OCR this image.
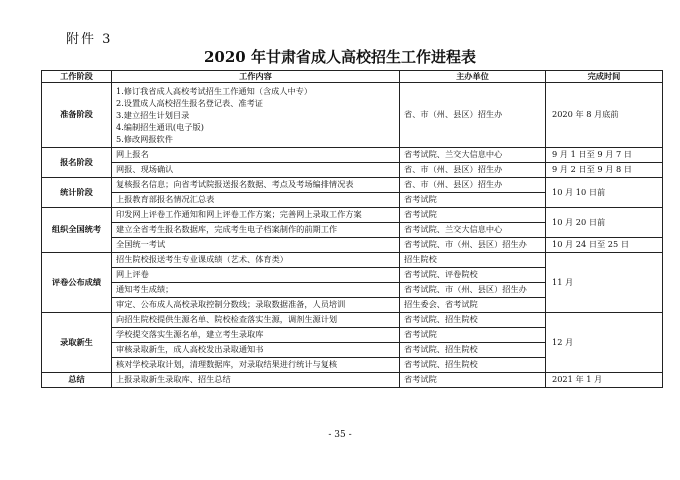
附件 3
2020 年甘肃省成人高校招生工作进程表
工作阶段	工作内容	主办单位	完成时间
准备阶段	1.修订我省成人高校考试招生工作通知（含成人中专）
2.设置成人高校招生报名登记表、准考证
3.建立招生计划目录
4.编制招生通讯(电子版)
5.修改网报软件	省、市（州、县区）招生办	2020 年 8 月底前
报名阶段	网上报名	省考试院、兰交大信息中心	9 月 1 日至 9 月 7 日
	网报、现场确认	省、市（州、县区）招生办	9 月 2 日至 9 月 8 日
统计阶段	复核报名信息；向省考试院报送报名数据、考点及考场编排情况表	省、市（州、县区）招生办	10 月 10 日前
	上报教育部报名情况汇总表	省考试院	
组织全国统考	印发网上评卷工作通知和网上评卷工作方案；完善网上录取工作方案	省考试院	10 月 20 日前
	建立全省考生报名数据库，完成考生电子档案制作的前期工作	省考试院、兰交大信息中心	
	全国统一考试	省考试院、市（州、县区）招生办	10 月 24 日至 25 日
评卷公布成绩	招生院校报送考生专业课成绩（艺术、体育类）	招生院校	11 月
	网上评卷	省考试院、评卷院校	
	通知考生成绩；	省考试院、市（州、县区）招生办	
	审定、公布成人高校录取控制分数线；录取数据准备，人员培训	招生委会、省考试院	
录取新生	向招生院校提供生源名单、院校检查落实生源，调剂生源计划	省考试院、招生院校	12 月
	学校提交落实生源名单，建立考生录取库	省考试院	
	审核录取新生，成人高校发出录取通知书	省考试院、招生院校	
	核对学校录取计划，清理数据库，对录取结果进行统计与复核	省考试院、招生院校	
总结	上报录取新生录取库、招生总结	省考试院	2021 年 1 月
- 35 -
